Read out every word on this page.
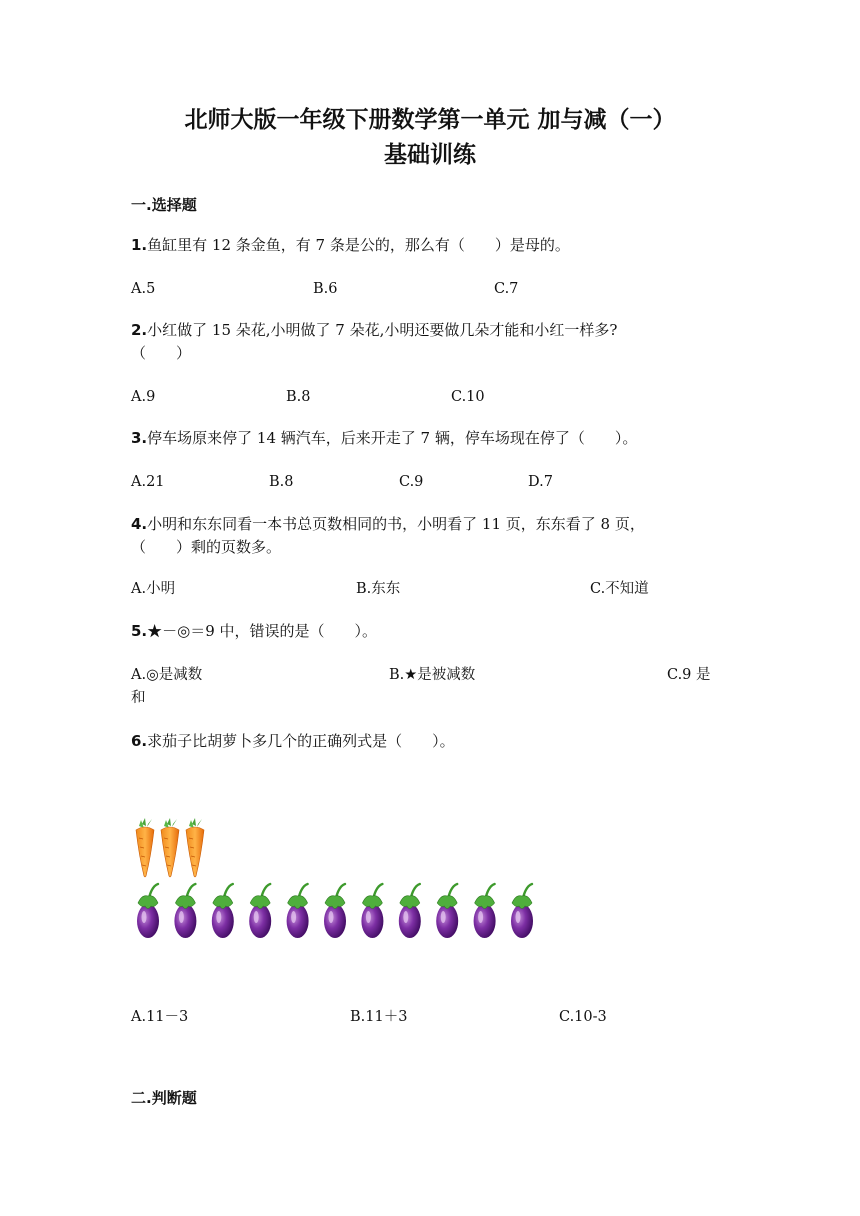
北师大版一年级下册数学第一单元 加与减（一）
基础训练
一.选择题
1.鱼缸里有 12 条金鱼，有 7 条是公的，那么有（　　）是母的。
A.5	B.6	C.7
2.小红做了 15 朵花,小明做了 7 朵花,小明还要做几朵才能和小红一样多?
（　　）
A.9	B.8	C.10
3.停车场原来停了 14 辆汽车，后来开走了 7 辆，停车场现在停了（　　）。
A.21	B.8	C.9	D.7
4.小明和东东同看一本书总页数相同的书，小明看了 11 页，东东看了 8 页，
（　　）剩的页数多。
A.小明	B.东东	C.不知道
5.★－◎＝9 中，错误的是（　　）。
A.◎是减数	B.★是被减数	C.9 是
和
6.求茄子比胡萝卜多几个的正确列式是（　　）。
A.11－3	B.11＋3	C.10-3
二.判断题
